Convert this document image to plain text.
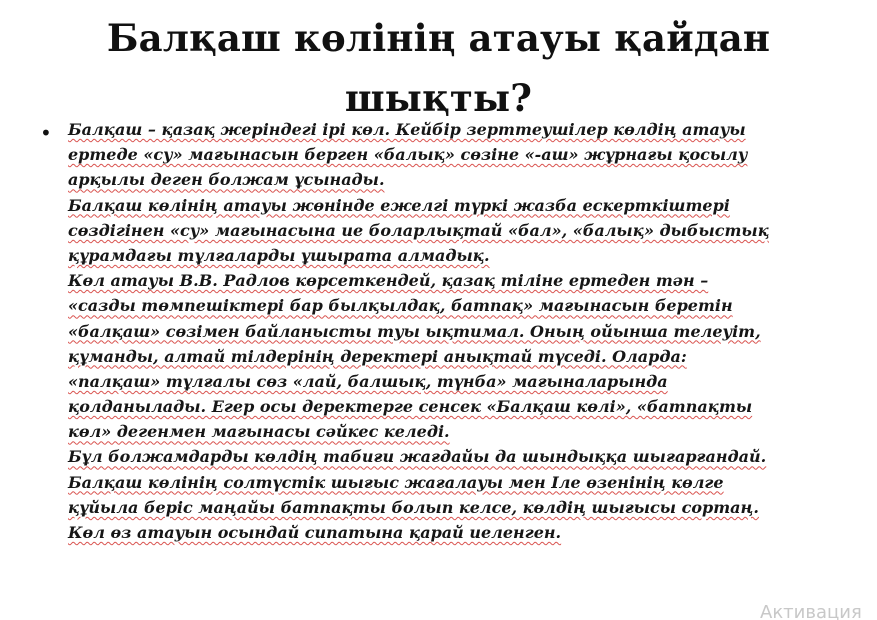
Балқаш көлінің атауы қайдан
шықты?
• Балқаш – қазақ жеріндегі ірі көл. Кейбір зерттеушілер көлдің атауы
ертеде «су» мағынасын берген «балық» сөзіне «-аш» жұрнағы қосылу
арқылы деген болжам ұсынады.
Балқаш көлінің атауы жөнінде ежелгі түркі жазба ескерткіштері
сөздігінен «су» мағынасына ие боларлықтай «бал», «балық» дыбыстық
құрамдағы тұлғаларды ұшырата алмадық.
Көл атауы В.В. Радлов көрсеткендей, қазақ тіліне ертеден тән –
«сазды төмпешіктері бар былқылдақ, батпақ» мағынасын беретін
«балқаш» сөзімен байланысты туы ықтимал. Оның ойынша телеуіт,
құманды, алтай тілдерінің деректері анықтай түседі. Оларда:
«палқаш» тұлғалы сөз «лай, балшық, түнба» мағыналарында
қолданылады. Егер осы деректерге сенсек «Балқаш көлі», «батпақты
көл» дегенмен мағынасы сәйкес келеді.
Бұл болжамдарды көлдің табиғи жағдайы да шындыққа шығарғандай.
Балқаш көлінің солтүстік шығыс жағалауы мен Іле өзенінің көлге
құйыла беріс маңайы батпақты болып келсе, көлдің шығысы сортаң.
Көл өз атауын осындай сипатына қарай иеленген.
Активация
